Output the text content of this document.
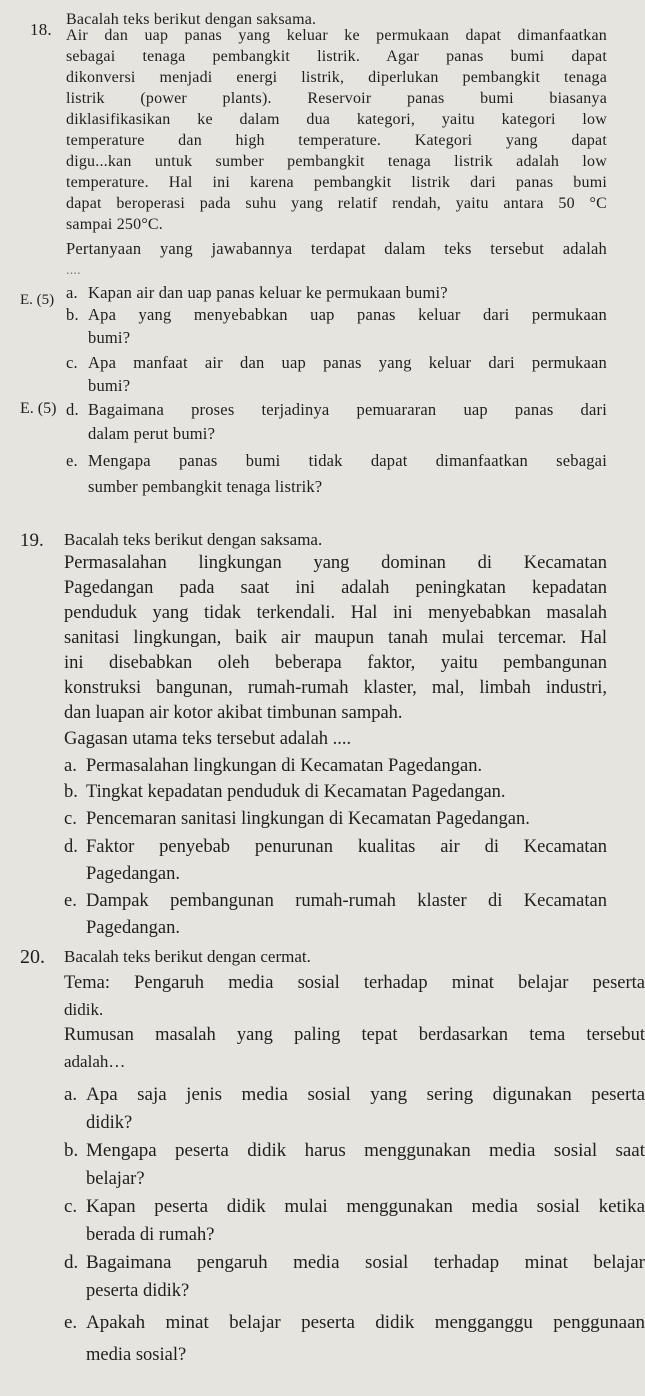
18.
Bacalah teks berikut dengan saksama.
Air dan uap panas yang keluar ke permukaan dapat dimanfaatkan
sebagai tenaga pembangkit listrik. Agar panas bumi dapat
dikonversi menjadi energi listrik, diperlukan pembangkit tenaga
listrik (power plants). Reservoir panas bumi biasanya
diklasifikasikan ke dalam dua kategori, yaitu kategori low
temperature dan high temperature. Kategori yang dapat
digu...kan untuk sumber pembangkit tenaga listrik adalah low
temperature. Hal ini karena pembangkit listrik dari panas bumi
dapat beroperasi pada suhu yang relatif rendah, yaitu antara 50 °C
sampai 250°C.
Pertanyaan yang jawabannya terdapat dalam teks tersebut adalah
....
E. (5) a. Kapan air dan uap panas keluar ke permukaan bumi?
b. Apa yang menyebabkan uap panas keluar dari permukaan
bumi?
c. Apa manfaat air dan uap panas yang keluar dari permukaan
bumi?
E. (5) d. Bagaimana proses terjadinya pemuararan uap panas dari
dalam perut bumi?
e. Mengapa panas bumi tidak dapat dimanfaatkan sebagai
sumber pembangkit tenaga listrik?
19.	Bacalah teks berikut dengan saksama.
Permasalahan lingkungan yang dominan di Kecamatan
Pagedangan pada saat ini adalah peningkatan kepadatan
penduduk yang tidak terkendali. Hal ini menyebabkan masalah
sanitasi lingkungan, baik air maupun tanah mulai tercemar. Hal
ini disebabkan oleh beberapa faktor, yaitu pembangunan
konstruksi bangunan, rumah-rumah klaster, mal, limbah industri,
dan luapan air kotor akibat timbunan sampah.
Gagasan utama teks tersebut adalah ....
a. Permasalahan lingkungan di Kecamatan Pagedangan.
b. Tingkat kepadatan penduduk di Kecamatan Pagedangan.
c. Pencemaran sanitasi lingkungan di Kecamatan Pagedangan.
d. Faktor penyebab penurunan kualitas air di Kecamatan
Pagedangan.
e. Dampak pembangunan rumah-rumah klaster di Kecamatan
Pagedangan.
20.	Bacalah teks berikut dengan cermat.
Tema: Pengaruh media sosial terhadap minat belajar peserta
didik.
Rumusan masalah yang paling tepat berdasarkan tema tersebut
adalah…
a. Apa saja jenis media sosial yang sering digunakan peserta
didik?
b. Mengapa peserta didik harus menggunakan media sosial saat
belajar?
c. Kapan peserta didik mulai menggunakan media sosial ketika
berada di rumah?
d. Bagaimana pengaruh media sosial terhadap minat belajar
peserta didik?
e. Apakah minat belajar peserta didik mengganggu penggunaan
media sosial?
